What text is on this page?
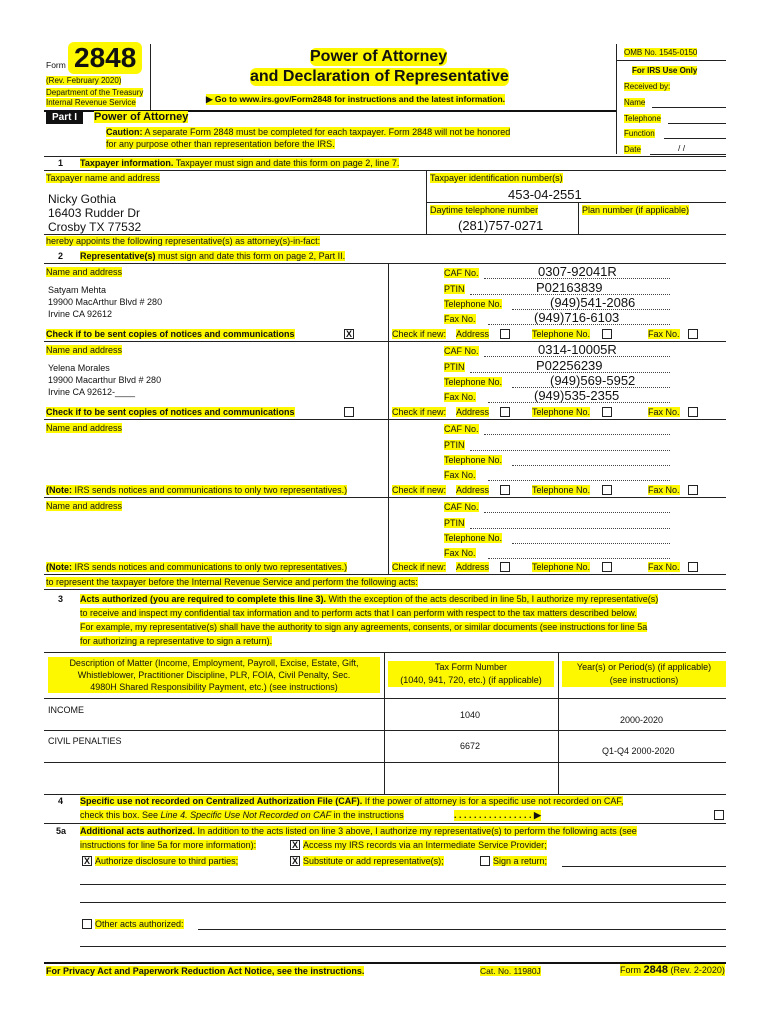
Form 2848
(Rev. February 2020)
Department of the Treasury
Internal Revenue Service
Power of Attorney
and Declaration of Representative
▶ Go to www.irs.gov/Form2848 for instructions and the latest information.
OMB No. 1545-0150
For IRS Use Only
Received by:
Name
Telephone
Function
Date	/ /
Part I	Power of Attorney
Caution: A separate Form 2848 must be completed for each taxpayer. Form 2848 will not be honored
for any purpose other than representation before the IRS.
1 Taxpayer information. Taxpayer must sign and date this form on page 2, line 7.
Taxpayer name and address	Taxpayer identification number(s)
453-04-2551
Daytime telephone number	Plan number (if applicable)
(281)757-0271
Nicky Gothia
16403 Rudder Dr
Crosby TX 77532
hereby appoints the following representative(s) as attorney(s)-in-fact:
2 Representative(s) must sign and date this form on page 2, Part II.
Name and address
Satyam Mehta
19900 MacArthur Blvd # 280
Irvine CA 92612
CAF No.	0307-92041R
PTIN	P02163839
Telephone No.	(949)541-2086
Fax No.	(949)716-6103
Check if to be sent copies of notices and communications	X	Check if new: Address	Telephone No.	Fax No.
Name and address
Yelena Morales
19900 Macarthur Blvd # 280
Irvine CA 92612-____
CAF No.	0314-10005R
PTIN	P02256239
Telephone No.	(949)569-5952
Fax No.	(949)535-2355
Check if to be sent copies of notices and communications	Check if new: Address	Telephone No.	Fax No.
Name and address	CAF No.
PTIN
Telephone No.
Fax No.
(Note: IRS sends notices and communications to only two representatives.)	Check if new: Address	Telephone No.	Fax No.
Name and address	CAF No.
PTIN
Telephone No.
Fax No.
(Note: IRS sends notices and communications to only two representatives.)	Check if new: Address	Telephone No.	Fax No.
to represent the taxpayer before the Internal Revenue Service and perform the following acts:
3 Acts authorized (you are required to complete this line 3). With the exception of the acts described in line 5b, I authorize my representative(s)
to receive and inspect my confidential tax information and to perform acts that I can perform with respect to the tax matters described below.
For example, my representative(s) shall have the authority to sign any agreements, consents, or similar documents (see instructions for line 5a
for authorizing a representative to sign a return).
Description of Matter (Income, Employment, Payroll, Excise, Estate, Gift,
Whistleblower, Practitioner Discipline, PLR, FOIA, Civil Penalty, Sec.
4980H Shared Responsibility Payment, etc.) (see instructions)
Tax Form Number
(1040, 941, 720, etc.) (if applicable)
Year(s) or Period(s) (if applicable)
(see instructions)
INCOME	1040	2000-2020
CIVIL PENALTIES	6672	Q1-Q4 2000-2020
4 Specific use not recorded on Centralized Authorization File (CAF). If the power of attorney is for a specific use not recorded on CAF,
check this box. See Line 4. Specific Use Not Recorded on CAF in the instructions	. . . . . . . . . . . . . . . . ▶
5a Additional acts authorized. In addition to the acts listed on line 3 above, I authorize my representative(s) to perform the following acts (see
instructions for line 5a for more information):	X Access my IRS records via an Intermediate Service Provider;
X Authorize disclosure to third parties;	X Substitute or add representative(s);	Sign a return;
Other acts authorized:
For Privacy Act and Paperwork Reduction Act Notice, see the instructions.	Cat. No. 11980J	Form 2848 (Rev. 2-2020)
